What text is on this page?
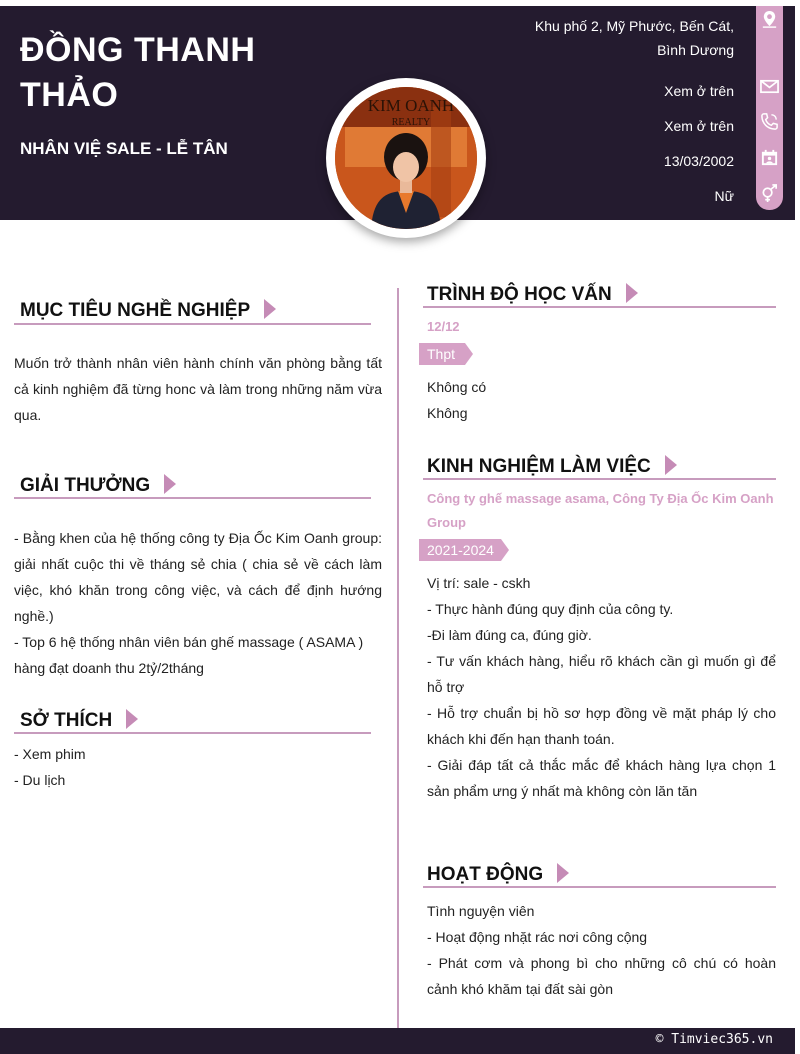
ĐỒNG THANH THẢO
NHÂN VIỆ SALE - LỄ TÂN
Khu phố 2, Mỹ Phước, Bến Cát, Bình Dương
Xem ở trên
Xem ở trên
13/03/2002
Nữ
KIM OANH
REALTY
MỤC TIÊU NGHỀ NGHIỆP
Muốn trở thành nhân viên hành chính văn phòng bằng tất cả kinh nghiệm đã từng honc và làm trong những năm vừa qua.
GIẢI THƯỞNG
- Bằng khen của hệ thống công ty Địa Ốc Kim Oanh group: giải nhất cuộc thi về tháng sẻ chia ( chia sẻ về cách làm việc, khó khăn trong công việc, và cách để định hướng nghề.)
- Top 6 hệ thống nhân viên bán ghế massage ( ASAMA ) hàng đạt doanh thu 2tỷ/2tháng
SỞ THÍCH
- Xem phim
- Du lịch
TRÌNH ĐỘ HỌC VẤN
12/12
Thpt
Không có
Không
KINH NGHIỆM LÀM VIỆC
Công ty ghế massage asama, Công Ty Địa Ốc Kim Oanh Group
2021-2024
Vị trí: sale - cskh
- Thực hành đúng quy định của công ty.
-Đi làm đúng ca, đúng giờ.
- Tư vấn khách hàng, hiểu rõ khách cần gì muốn gì để hỗ trợ
- Hỗ trợ chuẩn bị hồ sơ hợp đồng về mặt pháp lý cho khách khi đến hạn thanh toán.
- Giải đáp tất cả thắc mắc để khách hàng lựa chọn 1 sản phẩm ưng ý nhất mà không còn lăn tăn
HOẠT ĐỘNG
Tình nguyện viên
- Hoạt động nhặt rác nơi công cộng
- Phát cơm và phong bì cho những cô chú có hoàn cảnh khó khăm tại đất sài gòn
© Timviec365.vn
